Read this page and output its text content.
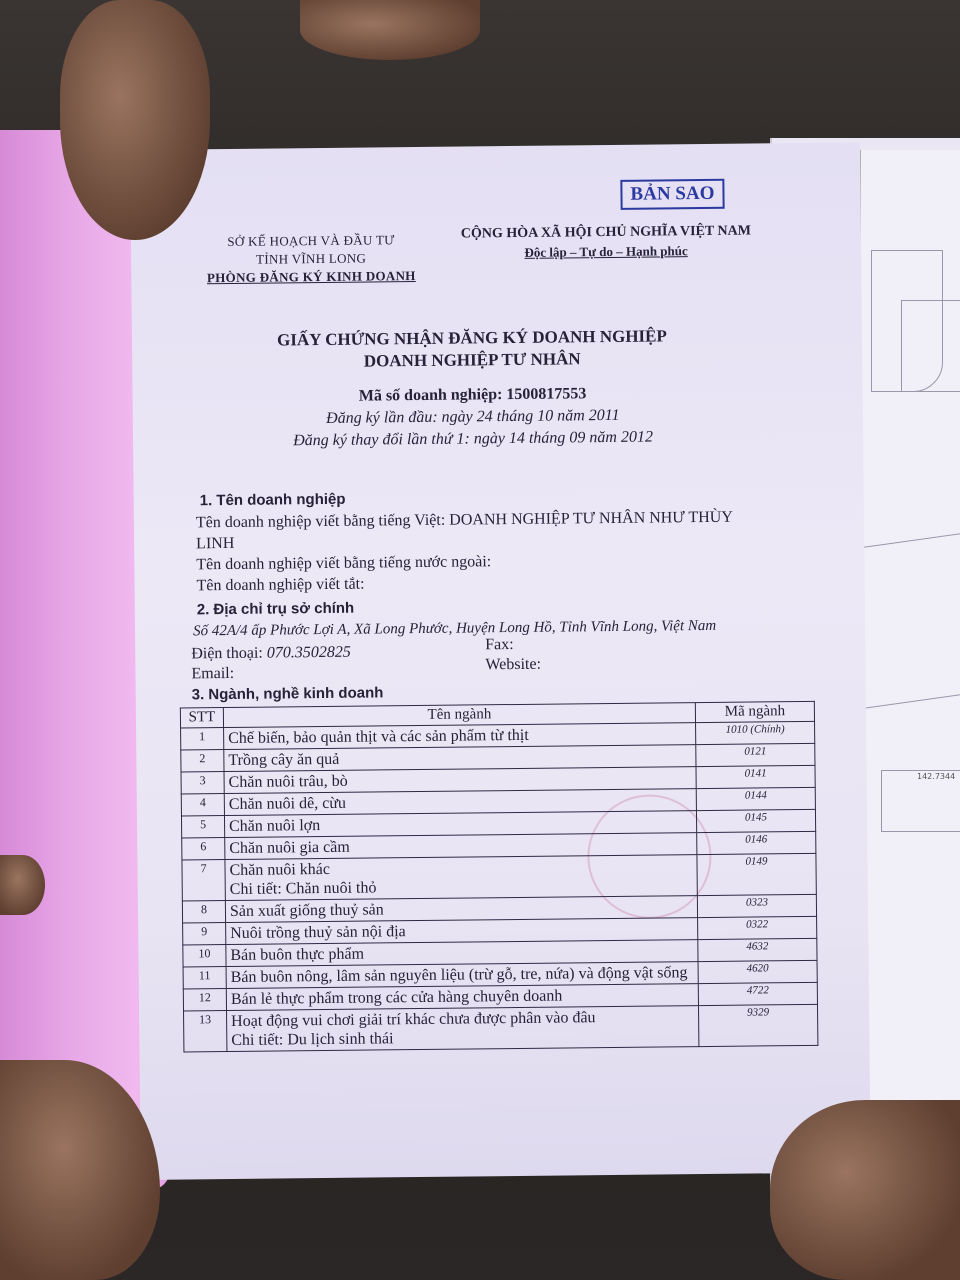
142.7344
BẢN SAO
SỞ KẾ HOẠCH VÀ ĐẦU TƯ
TỈNH VĨNH LONG
PHÒNG ĐĂNG KÝ KINH DOANH
CỘNG HÒA XÃ HỘI CHỦ NGHĨA VIỆT NAM
Độc lập – Tự do – Hạnh phúc
GIẤY CHỨNG NHẬN ĐĂNG KÝ DOANH NGHIỆP
DOANH NGHIỆP TƯ NHÂN
Mã số doanh nghiệp: 1500817553
Đăng ký lần đầu: ngày 24 tháng 10 năm 2011
Đăng ký thay đổi lần thứ 1: ngày 14 tháng 09 năm 2012
1. Tên doanh nghiệp
Tên doanh nghiệp viết bằng tiếng Việt: DOANH NGHIỆP TƯ NHÂN NHƯ THÙY
LINH
Tên doanh nghiệp viết bằng tiếng nước ngoài:
Tên doanh nghiệp viết tắt:
2. Địa chỉ trụ sở chính
Số 42A/4 ấp Phước Lợi A, Xã Long Phước, Huyện Long Hồ, Tỉnh Vĩnh Long, Việt Nam
Điện thoại: 070.3502825	Fax:
Email:
Website:
3. Ngành, nghề kinh doanh
STT	Tên ngành	Mã ngành
1	Chế biến, bảo quản thịt và các sản phẩm từ thịt	1010 (Chính)
2	Trồng cây ăn quả	0121
3	Chăn nuôi trâu, bò	0141
4	Chăn nuôi dê, cừu	0144
5	Chăn nuôi lợn	0145
6	Chăn nuôi gia cầm	0146
7	Chăn nuôi khác
Chi tiết: Chăn nuôi thỏ	0149
8	Sản xuất giống thuỷ sản	0323
9	Nuôi trồng thuỷ sản nội địa	0322
10	Bán buôn thực phẩm	4632
11	Bán buôn nông, lâm sản nguyên liệu (trừ gỗ, tre, nứa) và động vật sống	4620
12	Bán lẻ thực phẩm trong các cửa hàng chuyên doanh	4722
13	Hoạt động vui chơi giải trí khác chưa được phân vào đâu
Chi tiết: Du lịch sinh thái	9329
